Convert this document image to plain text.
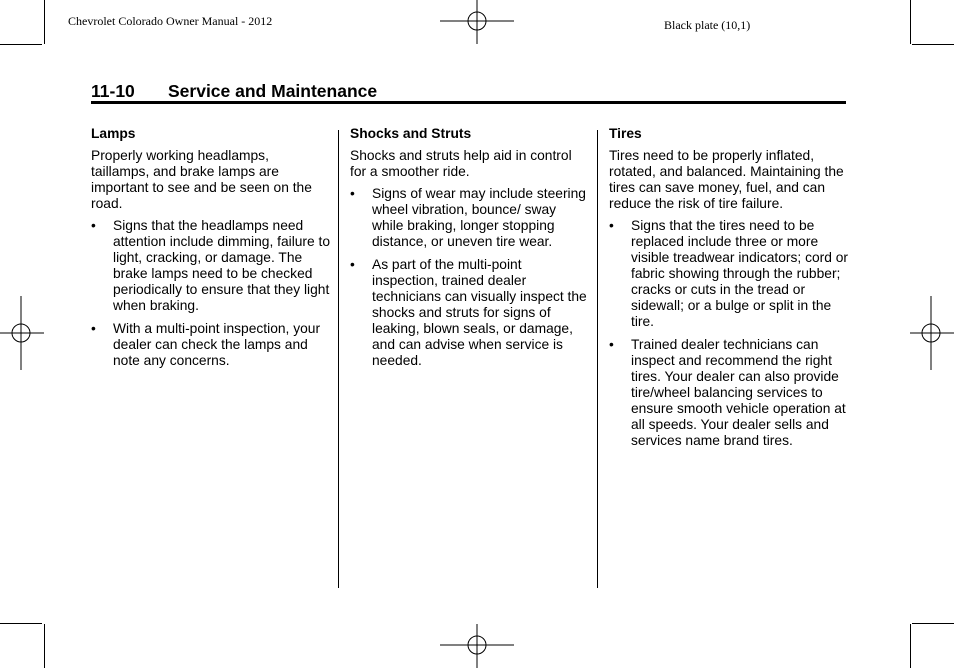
Chevrolet Colorado Owner Manual - 2012	Black plate (10,1)
11-10 Service and Maintenance
Lamps

Properly working headlamps, taillamps, and brake lamps are important to see and be seen on the road.

•	Signs that the headlamps need attention include dimming, failure to light, cracking, or damage. The brake lamps need to be checked periodically to ensure that they light when braking.
•	With a multi-point inspection, your dealer can check the lamps and note any concerns.
Shocks and Struts

Shocks and struts help aid in control for a smoother ride.

•	Signs of wear may include steering wheel vibration, bounce/ sway while braking, longer stopping distance, or uneven tire wear.
•	As part of the multi-point inspection, trained dealer technicians can visually inspect the shocks and struts for signs of leaking, blown seals, or damage, and can advise when service is needed.
Tires

Tires need to be properly inflated, rotated, and balanced. Maintaining the tires can save money, fuel, and can reduce the risk of tire failure.

•	Signs that the tires need to be replaced include three or more visible treadwear indicators; cord or fabric showing through the rubber; cracks or cuts in the tread or sidewall; or a bulge or split in the tire.
•	Trained dealer technicians can inspect and recommend the right tires. Your dealer can also provide tire/wheel balancing services to ensure smooth vehicle operation at all speeds. Your dealer sells and services name brand tires.
